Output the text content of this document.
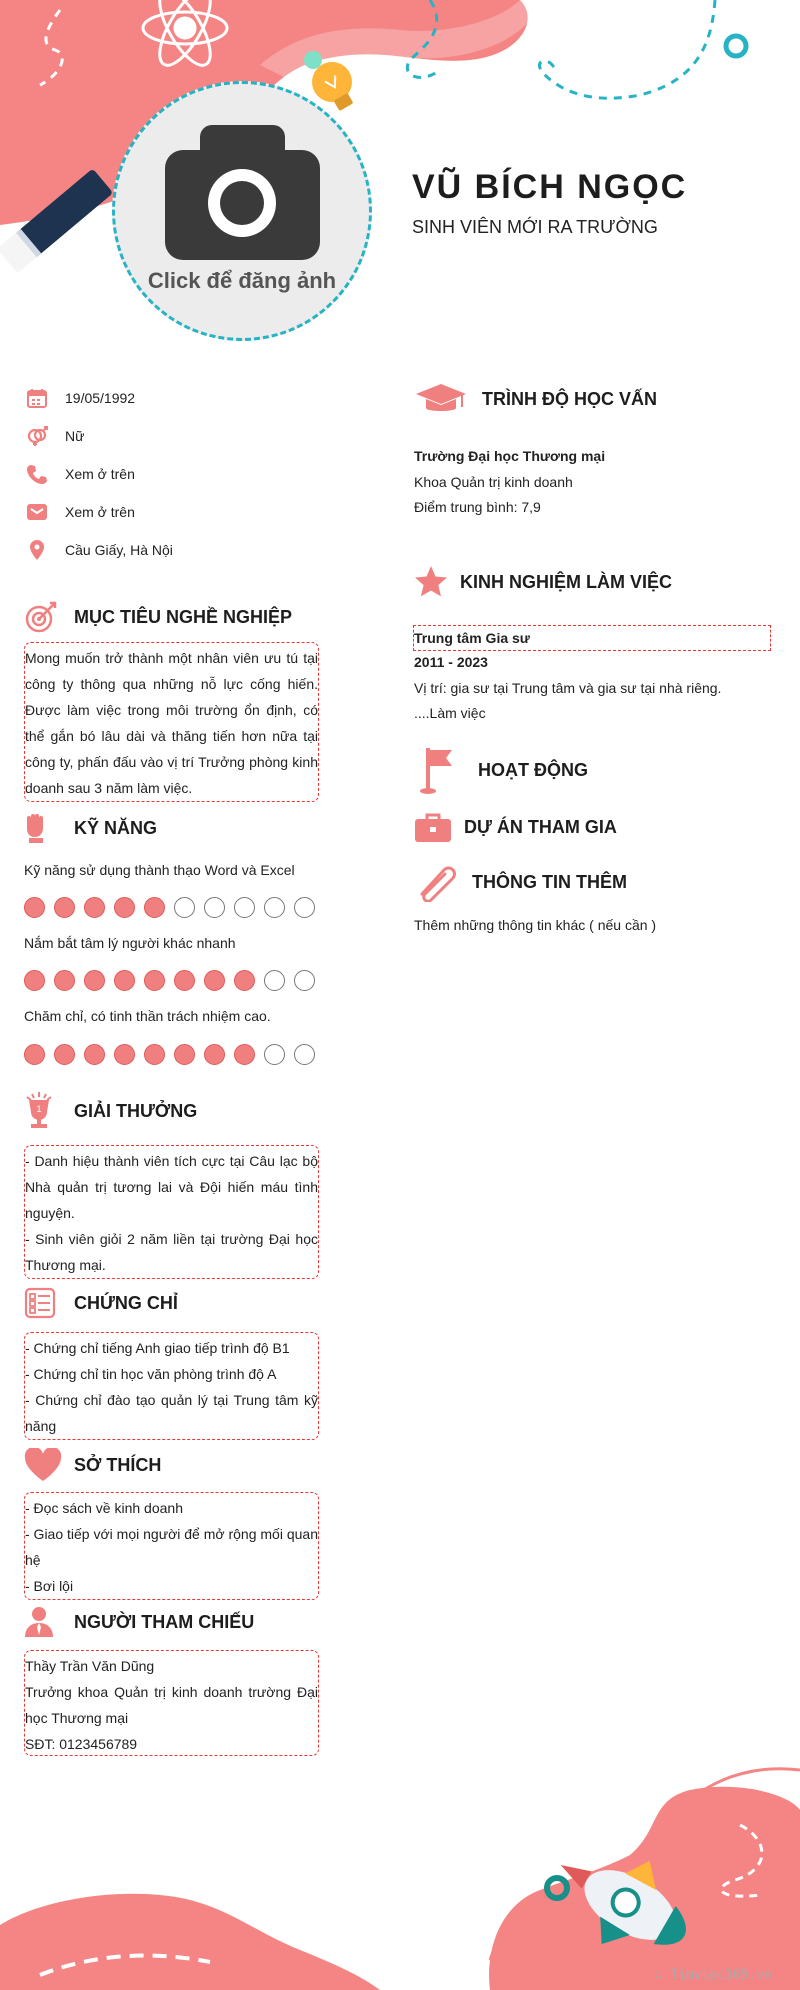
Click để đăng ảnh
VŨ BÍCH NGỌC
SINH VIÊN MỚI RA TRƯỜNG
19/05/1992
Nữ
Xem ở trên
Xem ở trên
Cầu Giấy, Hà Nội
MỤC TIÊU NGHỀ NGHIỆP

Mong muốn trở thành một nhân viên ưu tú tại công ty thông qua những nỗ lực cống hiến. Được làm việc trong môi trường ổn định, có thể gắn bó lâu dài và thăng tiến hơn nữa tại công ty, phấn đấu vào vị trí Trưởng phòng kinh doanh sau 3 năm làm việc.

KỸ NĂNG
Kỹ năng sử dụng thành thạo Word và Excel
Nắm bắt tâm lý người khác nhanh
Chăm chỉ, có tinh thần trách nhiệm cao.
1 GIẢI THƯỞNG

- Danh hiệu thành viên tích cực tại Câu lạc bộ Nhà quản trị tương lai và Đội hiến máu tình nguyện.

- Sinh viên giỏi 2 năm liền tại trường Đại học Thương mại.

CHỨNG CHỈ

- Chứng chỉ tiếng Anh giao tiếp trình độ B1

- Chứng chỉ tin học văn phòng trình độ A

- Chứng chỉ đào tạo quản lý tại Trung tâm kỹ năng

SỞ THÍCH

- Đọc sách về kinh doanh

- Giao tiếp với mọi người để mở rộng mối quan hệ

- Bơi lội

NGƯỜI THAM CHIẾU

Thầy Trần Văn Dũng

Trưởng khoa Quản trị kinh doanh trường Đại học Thương mại

SĐT: 0123456789

TRÌNH ĐỘ HỌC VẤN
Trường Đại học Thương mại
Khoa Quản trị kinh doanh
Điểm trung bình: 7,9
KINH NGHIỆM LÀM VIỆC
Trung tâm Gia sư
2011 - 2023
Vị trí: gia sư tại Trung tâm và gia sư tại nhà riêng.
....Làm việc
HOẠT ĐỘNG
DỰ ÁN THAM GIA
THÔNG TIN THÊM
Thêm những thông tin khác ( nếu cần )
∴ Timviec365.vn
